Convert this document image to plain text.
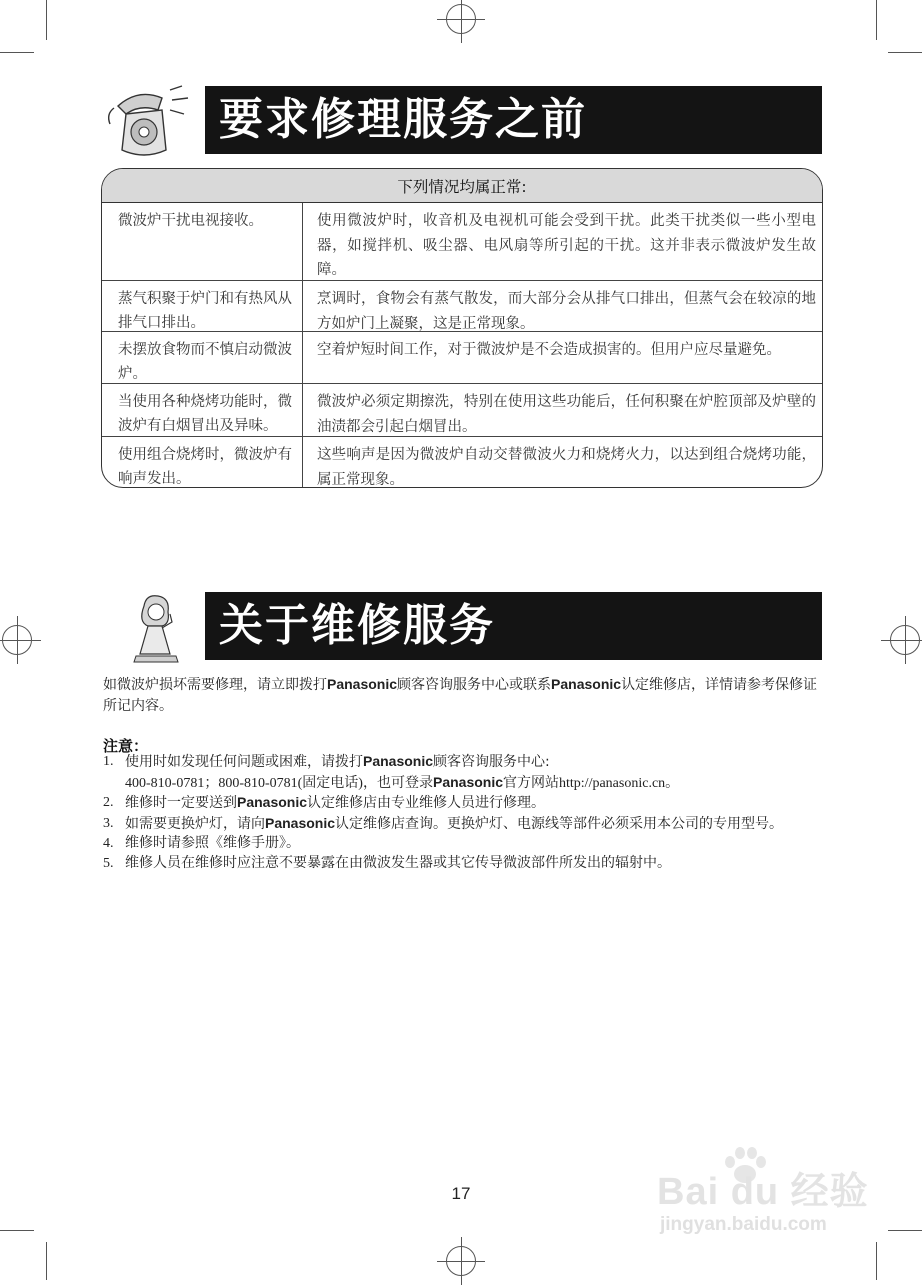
要求修理服务之前
下列情况均属正常:
微波炉干扰电视接收。	使用微波炉时，收音机及电视机可能会受到干扰。此类干扰类似一些小型电器，如搅拌机、吸尘器、电风扇等所引起的干扰。这并非表示微波炉发生故障。
蒸气积聚于炉门和有热风从排气口排出。
烹调时，食物会有蒸气散发，而大部分会从排气口排出，但蒸气会在较凉的地方如炉门上凝聚，这是正常现象。
未摆放食物而不慎启动微波炉。
空着炉短时间工作，对于微波炉是不会造成损害的。但用户应尽量避免。
当使用各种烧烤功能时，微波炉有白烟冒出及异味。
微波炉必须定期擦洗，特别在使用这些功能后，任何积聚在炉腔顶部及炉壁的油渍都会引起白烟冒出。
使用组合烧烤时，微波炉有响声发出。
这些响声是因为微波炉自动交替微波火力和烧烤火力，以达到组合烧烤功能，属正常现象。
关于维修服务
如微波炉损坏需要修理，请立即拨打Panasonic顾客咨询服务中心或联系Panasonic认定维修店，详情请参考保修证所记内容。
注意：
1. 使用时如发现任何问题或困难，请拨打Panasonic顾客咨询服务中心:
400-810-0781；800-810-0781(固定电话)，也可登录Panasonic官方网站http://panasonic.cn。
2. 维修时一定要送到Panasonic认定维修店由专业维修人员进行修理。
3. 如需要更换炉灯，请向Panasonic认定维修店查询。更换炉灯、电源线等部件必须采用本公司的专用型号。
4. 维修时请参照《维修手册》。
5. 维修人员在维修时应注意不要暴露在由微波发生器或其它传导微波部件所发出的辐射中。
17	Bai du 经验
jingyan.baidu.com
